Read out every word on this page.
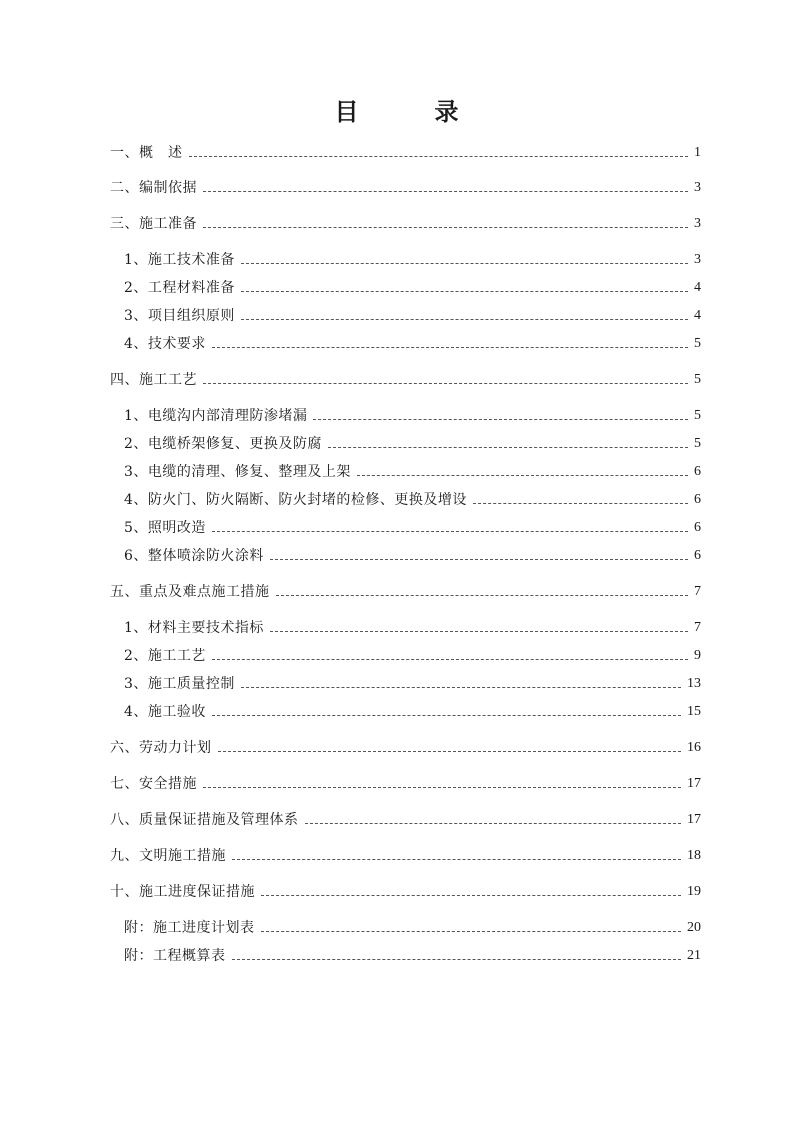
目　录
一、概　述	1
二、编制依据	3
三、施工准备	3
1、施工技术准备	3
2、工程材料准备	4
3、项目组织原则	4
4、技术要求	5
四、施工工艺	5
1、电缆沟内部清理防渗堵漏	5
2、电缆桥架修复、更换及防腐	5
3、电缆的清理、修复、整理及上架	6
4、防火门、防火隔断、防火封堵的检修、更换及增设	6
5、照明改造	6
6、整体喷涂防火涂料	6
五、重点及难点施工措施	7
1、材料主要技术指标	7
2、施工工艺	9
3、施工质量控制	13
4、施工验收	15
六、劳动力计划	16
七、安全措施	17
八、质量保证措施及管理体系	17
九、文明施工措施	18
十、施工进度保证措施	19
附：施工进度计划表	20
附：工程概算表	21
